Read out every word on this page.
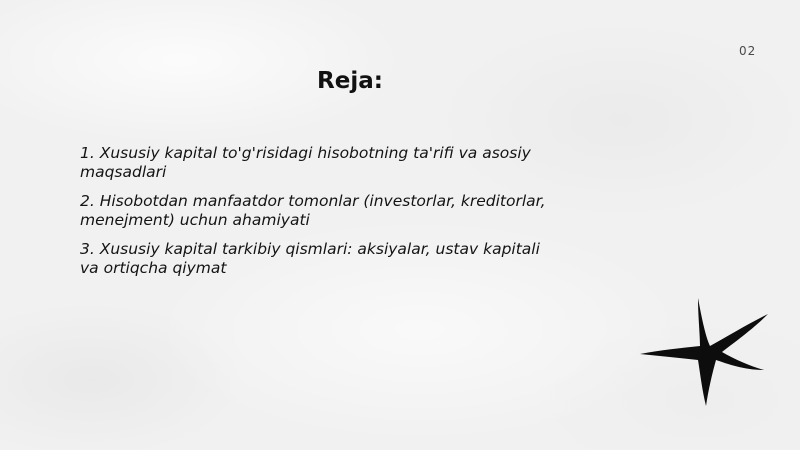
02
Reja:
1. Xususiy kapital to'g'risidagi hisobotning ta'rifi va asosiy maqsadlari
2. Hisobotdan manfaatdor tomonlar (investorlar, kreditorlar, menejment) uchun ahamiyati
3. Xususiy kapital tarkibiy qismlari: aksiyalar, ustav kapitali va ortiqcha qiymat
